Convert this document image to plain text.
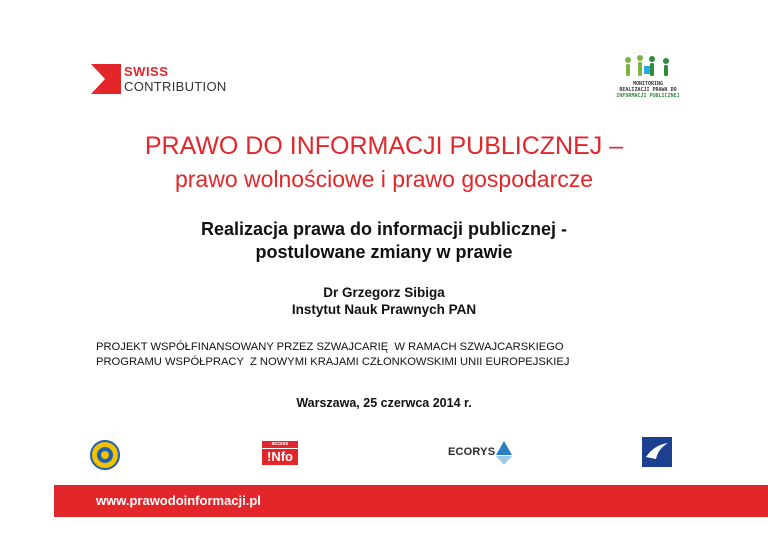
SWISS
CONTRIBUTION	MONITORING
REALIZACJI PRAWA DO
INFORMACJI PUBLICZNEJ
PRAWO DO INFORMACJI PUBLICZNEJ –
prawo wolnościowe i prawo gospodarcze
Realizacja prawa do informacji publicznej -
postulowane zmiany w prawie
Dr Grzegorz Sibiga
Instytut Nauk Prawnych PAN
PROJEKT WSPÓŁFINANSOWANY PRZEZ SZWAJCARIĘ  W RAMACH SZWAJCARSKIEGO
PROGRAMU WSPÓŁPRACY  Z NOWYMI KRAJAMI CZŁONKOWSKIMI UNII EUROPEJSKIEJ
Warszawa, 25 czerwca 2014 r.
access
!Nfo	ECORYS
www.prawodoinformacji.pl
